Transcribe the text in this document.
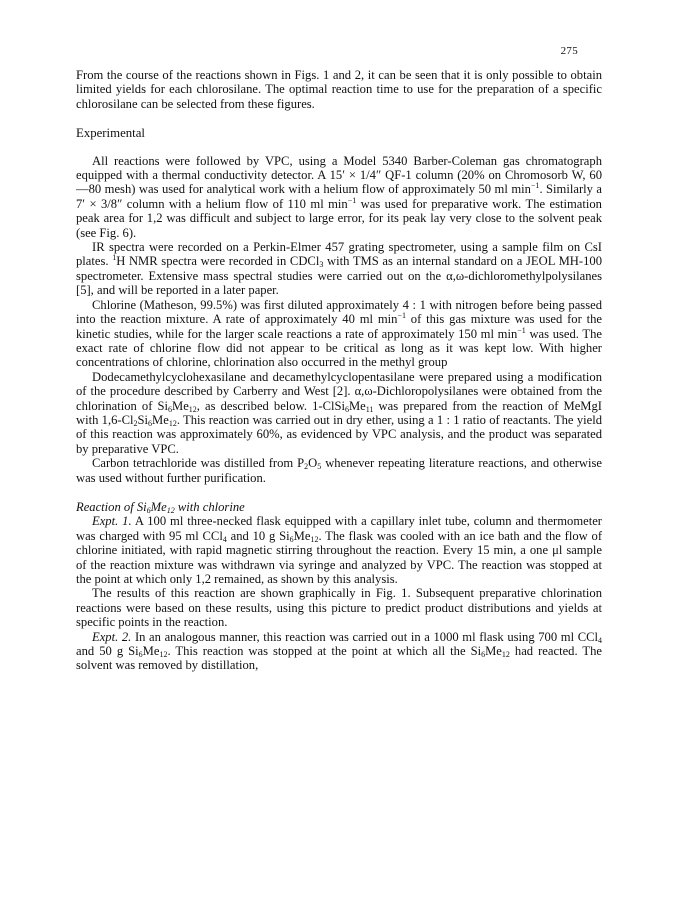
275

From the course of the reactions shown in Figs. 1 and 2, it can be seen that it is only possible to obtain limited yields for each chlorosilane. The optimal reaction time to use for the preparation of a specific chlorosilane can be selected from these figures.

Experimental

All reactions were followed by VPC, using a Model 5340 Barber-Coleman gas chromatograph equipped with a thermal conductivity detector. A 15′ × 1/4″ QF-1 column (20% on Chromosorb W, 60—80 mesh) was used for analytical work with a helium flow of approximately 50 ml $\min^{-1}$. Similarly a 7′ × 3/8″ column with a helium flow of 110 ml $\min^{-1}$ was used for preparative work. The estimation peak area for 1,2 was difficult and subject to large error, for its peak lay very close to the solvent peak (see Fig. 6).

IR spectra were recorded on a Perkin-Elmer 457 grating spectrometer, using a sample film on CsI plates. $^1$H NMR spectra were recorded in CDCl$_3$ with TMS as an internal standard on a JEOL MH-100 spectrometer. Extensive mass spectral studies were carried out on the α,ω-dichloromethylpolysilanes [5], and will be reported in a later paper.

Chlorine (Matheson, 99.5%) was first diluted approximately 4 : 1 with nitrogen before being passed into the reaction mixture. A rate of approximately 40 ml $\min^{-1}$ of this gas mixture was used for the kinetic studies, while for the larger scale reactions a rate of approximately 150 ml $\min^{-1}$ was used. The exact rate of chlorine flow did not appear to be critical as long as it was kept low. With higher concentrations of chlorine, chlorination also occurred in the methyl group

Dodecamethylcyclohexasilane and decamethylcyclopentasilane were prepared using a modification of the procedure described by Carberry and West [2]. α,ω-Dichloropolysilanes were obtained from the chlorination of $Si_6Me_{12}$, as described below. $1-ClSi_6Me_{11}$ was prepared from the reaction of MeMgI with $1,6-Cl_2Si_6Me_{12}$. This reaction was carried out in dry ether, using a 1 : 1 ratio of reactants. The yield of this reaction was approximately 60%, as evidenced by VPC analysis, and the product was separated by preparative VPC.

Carbon tetrachloride was distilled from $P_2O_5$ whenever repeating literature reactions, and otherwise was used without further purification.

Reaction of $Si_6Me_{12}$ with chlorine

Expt. 1. A 100 ml three-necked flask equipped with a capillary inlet tube, column and thermometer was charged with 95 ml CCl$_4$ and 10 g $Si_6Me_{12}$. The flask was cooled with an ice bath and the flow of chlorine initiated, with rapid magnetic stirring throughout the reaction. Every 15 min, a one μl sample of the reaction mixture was withdrawn via syringe and analyzed by VPC. The reaction was stopped at the point at which only 1,2 remained, as shown by this analysis.

The results of this reaction are shown graphically in Fig. 1. Subsequent preparative chlorination reactions were based on these results, using this picture to predict product distributions and yields at specific points in the reaction.

Expt. 2. In an analogous manner, this reaction was carried out in a 1000 ml flask using 700 ml CCl$_4$ and 50 g $Si_6Me_{12}$. This reaction was stopped at the point at which all the $Si_6Me_{12}$ had reacted. The solvent was removed by distillation,
